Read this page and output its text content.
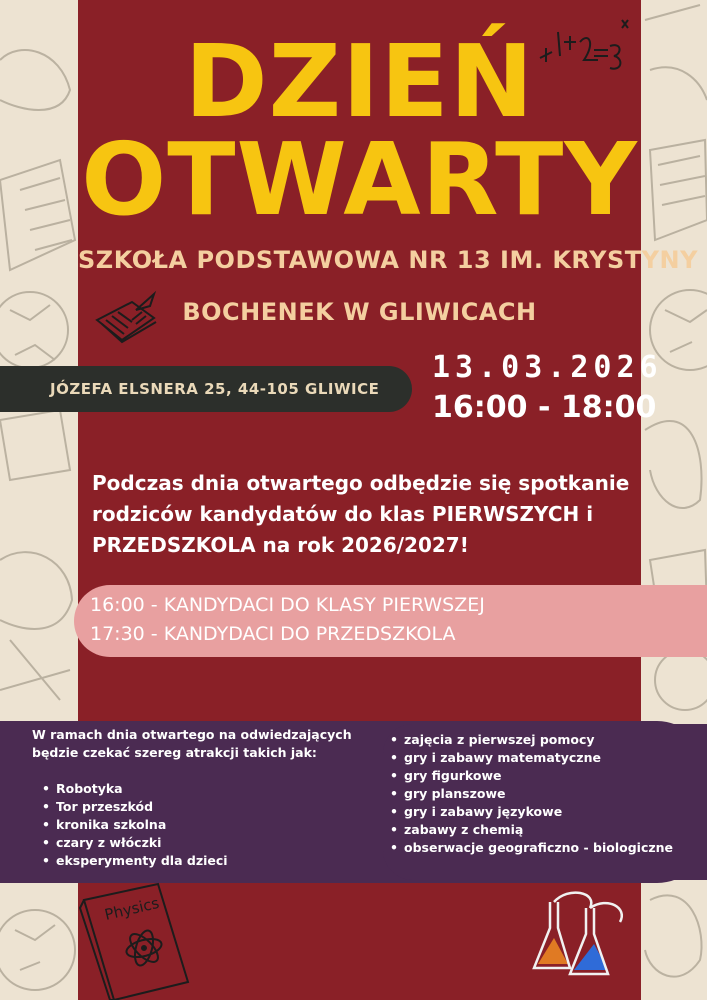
DZIEŃ
OTWARTY
SZKOŁA PODSTAWOWA NR 13 IM. KRYSTYNY
BOCHENEK W GLIWICACH
JÓZEFA ELSNERA 25, 44-105 GLIWICE
13.03.2026
16:00 - 18:00
Podczas dnia otwartego odbędzie się spotkanie rodziców kandydatów do klas PIERWSZYCH i PRZEDSZKOLA na rok 2026/2027!
16:00 - KANDYDACI DO KLASY PIERWSZEJ
17:30 - KANDYDACI DO PRZEDSZKOLA
W ramach dnia otwartego na odwiedzających będzie czekać szereg atrakcji takich jak:
• Robotyka
• Tor przeszkód
• kronika szkolna
• czary z włóczki
• eksperymenty dla dzieci
• zajęcia z pierwszej pomocy
• gry i zabawy matematyczne
• gry figurkowe
• gry planszowe
• gry i zabawy językowe
• zabawy z chemią
• obserwacje geograficzno - biologiczne
Physics
